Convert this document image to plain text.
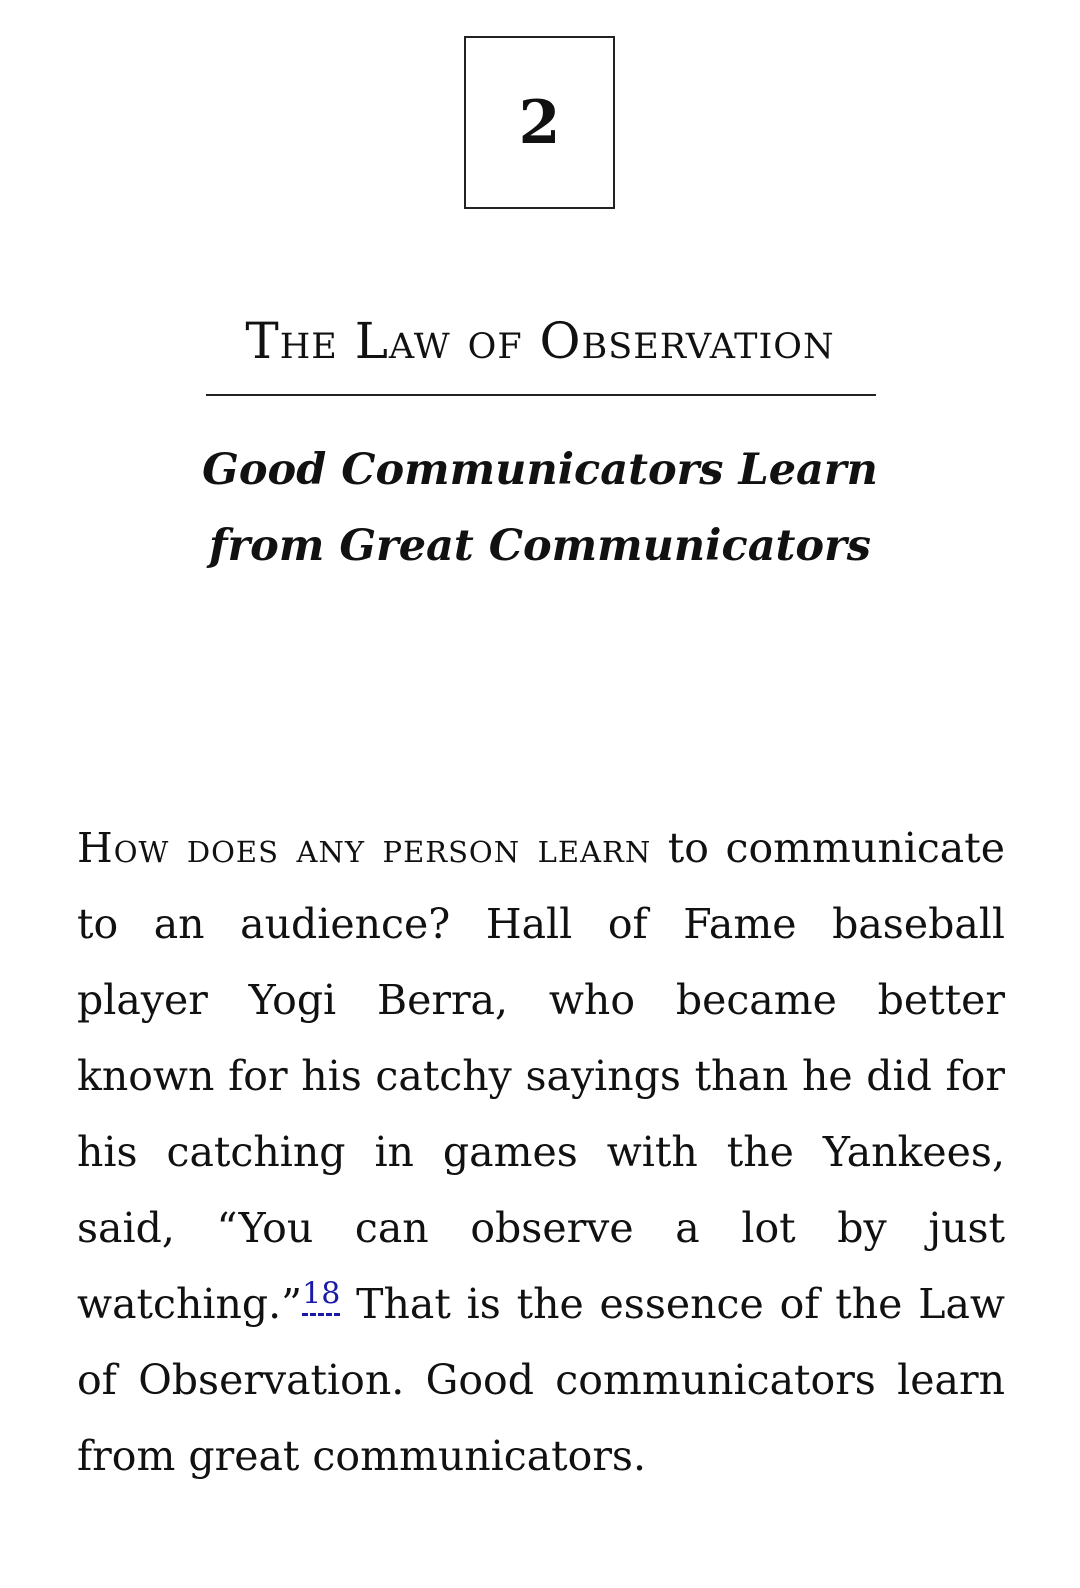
2
The Law of Observation
Good Communicators Learn
from Great Communicators

How does any person learn to communicate to an audience? Hall of Fame baseball player Yogi Berra, who became better known for his catchy sayings than he did for his catching in games with the Yankees, said, “You can observe a lot by just watching.”$^{18}$ That is the essence of the Law of Observation. Good communicators learn from great communicators.
